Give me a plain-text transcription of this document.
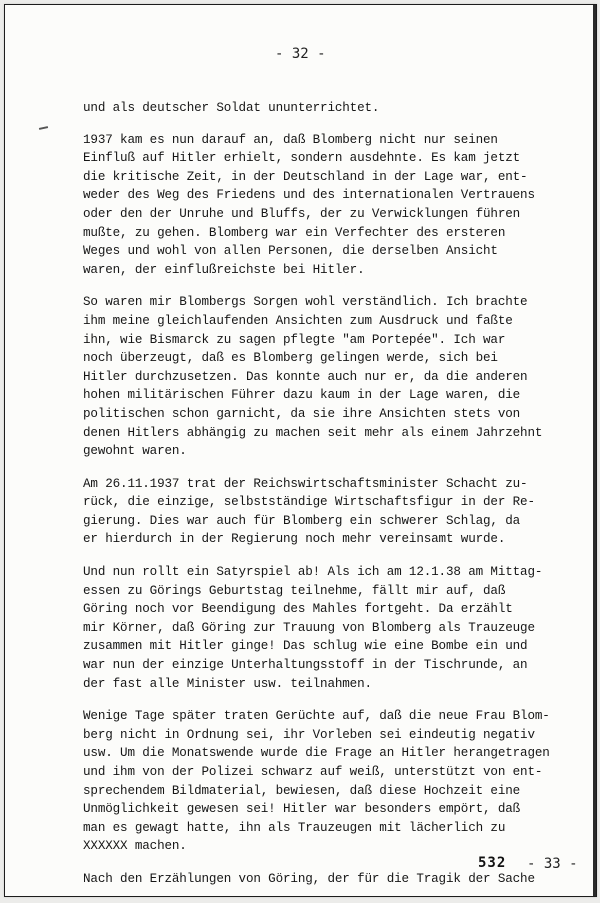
- 32 -

und als deutscher Soldat ununterrichtet.

1937 kam es nun darauf an, daß Blomberg nicht nur seinen
Einfluß auf Hitler erhielt, sondern ausdehnte. Es kam jetzt
die kritische Zeit, in der Deutschland in der Lage war, ent-
weder des Weg des Friedens und des internationalen Vertrauens
oder den der Unruhe und Bluffs, der zu Verwicklungen führen
mußte, zu gehen. Blomberg war ein Verfechter des ersteren
Weges und wohl von allen Personen, die derselben Ansicht
waren, der einflußreichste bei Hitler.

So waren mir Blombergs Sorgen wohl verständlich. Ich brachte
ihm meine gleichlaufenden Ansichten zum Ausdruck und faßte
ihn, wie Bismarck zu sagen pflegte "am Portepée". Ich war
noch überzeugt, daß es Blomberg gelingen werde, sich bei
Hitler durchzusetzen. Das konnte auch nur er, da die anderen
hohen militärischen Führer dazu kaum in der Lage waren, die
politischen schon garnicht, da sie ihre Ansichten stets von
denen Hitlers abhängig zu machen seit mehr als einem Jahrzehnt
gewohnt waren.

Am 26.11.1937 trat der Reichswirtschaftsminister Schacht zu-
rück, die einzige, selbstständige Wirtschaftsfigur in der Re-
gierung. Dies war auch für Blomberg ein schwerer Schlag, da
er hierdurch in der Regierung noch mehr vereinsamt wurde.

Und nun rollt ein Satyrspiel ab! Als ich am 12.1.38 am Mittag-
essen zu Görings Geburtstag teilnehme, fällt mir auf, daß
Göring noch vor Beendigung des Mahles fortgeht. Da erzählt
mir Körner, daß Göring zur Trauung von Blomberg als Trauzeuge
zusammen mit Hitler ginge! Das schlug wie eine Bombe ein und
war nun der einzige Unterhaltungsstoff in der Tischrunde, an
der fast alle Minister usw. teilnahmen.

Wenige Tage später traten Gerüchte auf, daß die neue Frau Blom-
berg nicht in Ordnung sei, ihr Vorleben sei eindeutig negativ
usw. Um die Monatswende wurde die Frage an Hitler herangetragen
und ihm von der Polizei schwarz auf weiß, unterstützt von ent-
sprechendem Bildmaterial, bewiesen, daß diese Hochzeit eine
Unmöglichkeit gewesen sei! Hitler war besonders empört, daß
man es gewagt hatte, ihn als Trauzeugen mit lächerlich zu
XXXXXX machen.

Nach den Erzählungen von Göring, der für die Tragik der Sache

532 - 33 -
